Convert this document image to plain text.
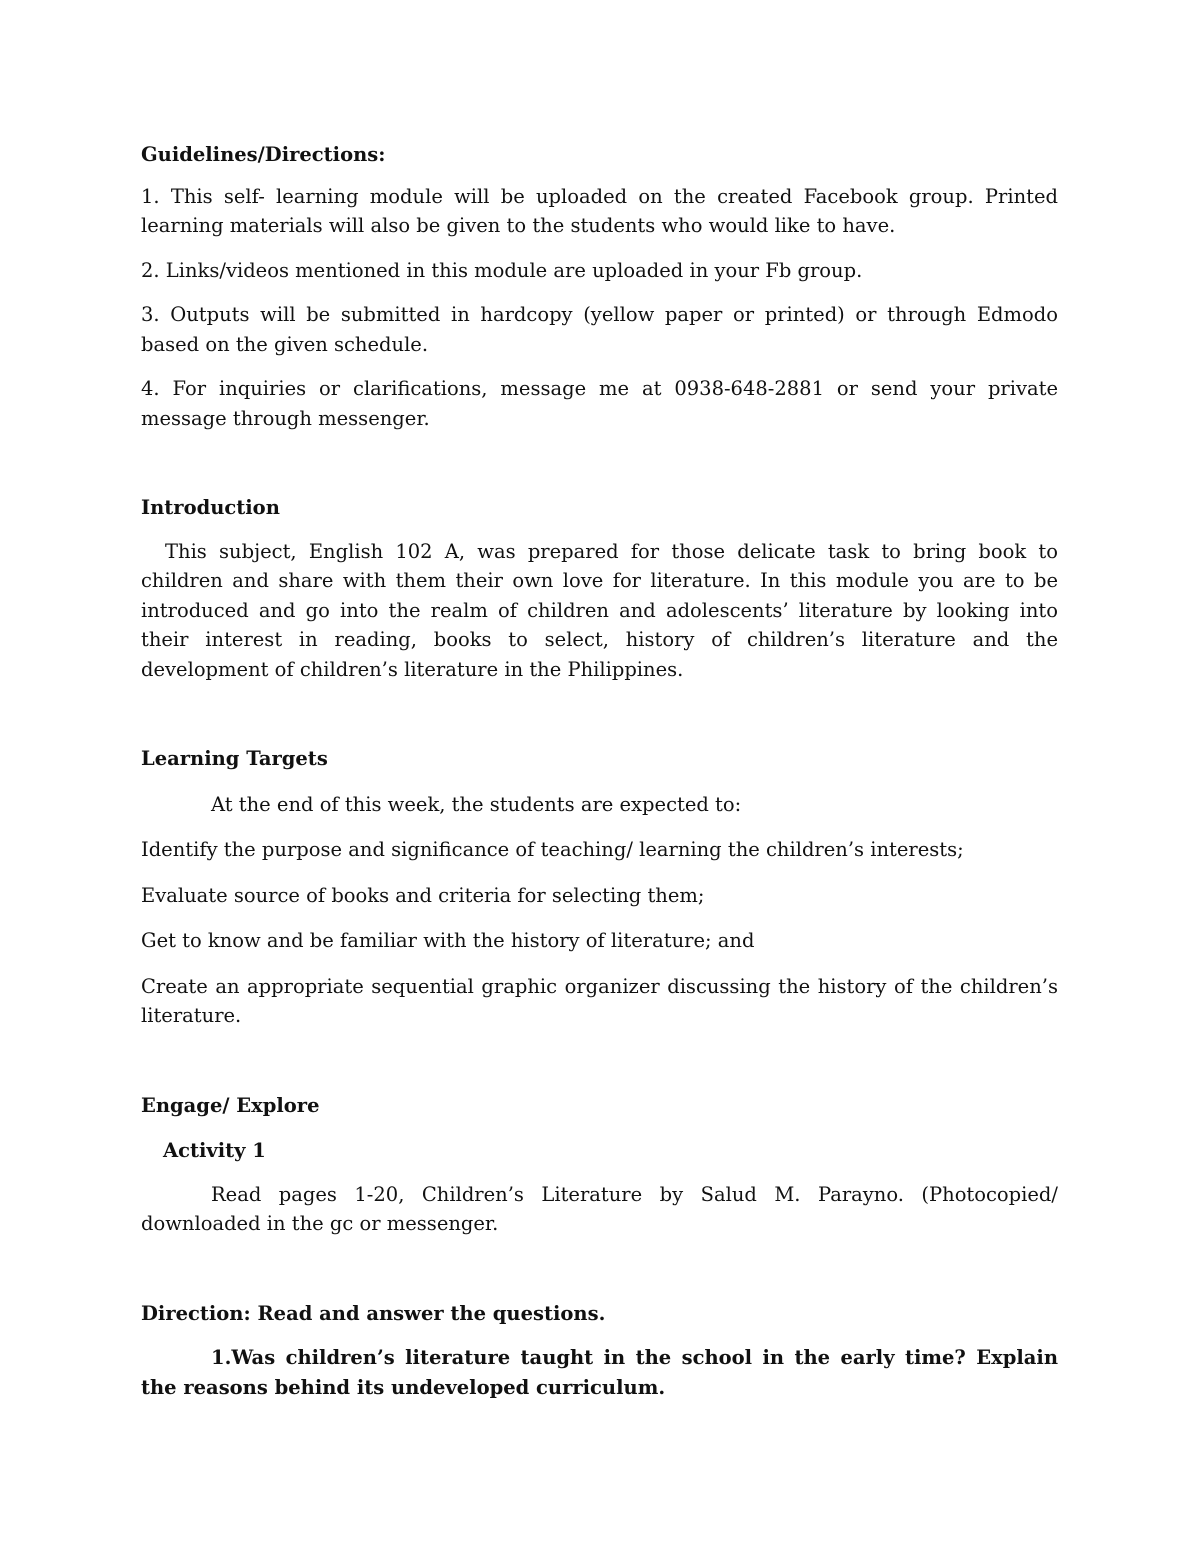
Guidelines/Directions:

1. This self- learning module will be uploaded on the created Facebook group. Printed learning materials will also be given to the students who would like to have.

2. Links/videos mentioned in this module are uploaded in your Fb group.

3. Outputs will be submitted in hardcopy (yellow paper or printed) or through Edmodo based on the given schedule.

4. For inquiries or clarifications, message me at 0938-648-2881 or send your private message through messenger.

Introduction

This subject, English 102 A, was prepared for those delicate task to bring book to children and share with them their own love for literature. In this module you are to be introduced and go into the realm of children and adolescents’ literature by looking into their interest in reading, books to select, history of children’s literature and the development of children’s literature in the Philippines.

Learning Targets

At the end of this week, the students are expected to:

Identify the purpose and significance of teaching/ learning the children’s interests;

Evaluate source of books and criteria for selecting them;

Get to know and be familiar with the history of literature; and

Create an appropriate sequential graphic organizer discussing the history of the children’s literature.

Engage/ Explore

Activity 1

Read pages 1-20, Children’s Literature by Salud M. Parayno. (Photocopied/ downloaded in the gc or messenger.

Direction: Read and answer the questions.

1.Was children’s literature taught in the school in the early time? Explain the reasons behind its undeveloped curriculum.
